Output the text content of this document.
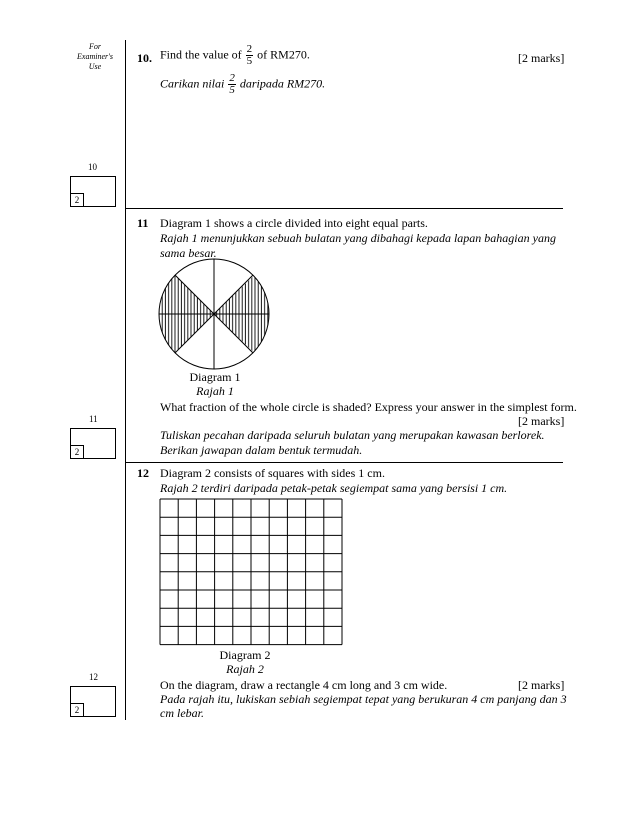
For
Examiner's
Use
10
2
11
2
12
2
10. Find the value of $\frac{2}{5}$ of RM270.	[2 marks]
Carikan nilai $\frac{2}{5}$ daripada RM270.
11 Diagram 1 shows a circle divided into eight equal parts.
Rajah 1 menunjukkan sebuah bulatan yang dibahagi kepada lapan bahagian yang
sama besar.
Diagram 1
Rajah 1
What fraction of the whole circle is shaded? Express your answer in the simplest form.
[2 marks]
Tuliskan pecahan daripada seluruh bulatan yang merupakan kawasan berlorek.
Berikan jawapan dalam bentuk termudah.
12 Diagram 2 consists of squares with sides 1 cm.
Rajah 2 terdiri daripada petak-petak segiempat sama yang bersisi 1 cm.
Diagram 2
Rajah 2
On the diagram, draw a rectangle 4 cm long and 3 cm wide.	[2 marks]
Pada rajah itu, lukiskan sebiah segiempat tepat yang berukuran 4 cm panjang dan 3
cm lebar.
